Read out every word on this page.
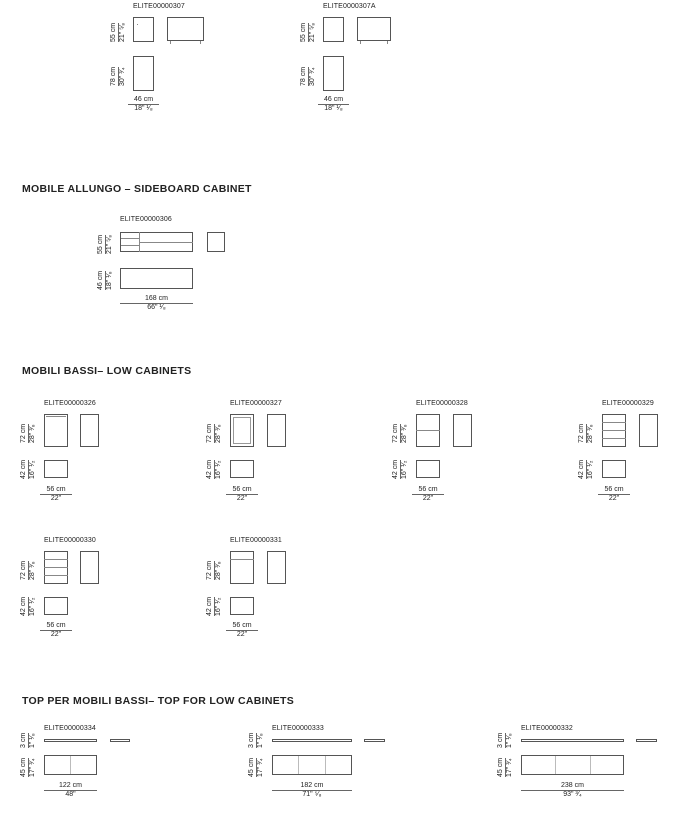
ELITE00000307
55 cm 21" ⁵⁄₈
78 cm 30" ³⁄₄
46 cm
18" ¹⁄₈
ELITE0000307A
55 cm 21" ⁵⁄₈
78 cm 30" ³⁄₄
46 cm
18" ¹⁄₈
MOBILE ALLUNGO – SIDEBOARD CABINET
ELITE00000306
55 cm 21" ⁵⁄₈
46 cm 18" ¹⁄₈
168 cm
66" ¹⁄₈
MOBILI BASSI– LOW CABINETS
ELITE00000326
72 cm 28" ³⁄₈
42 cm 16" ¹⁄₂
56 cm
22"
ELITE00000327
72 cm 28" ³⁄₈
42 cm 16" ¹⁄₂
56 cm
22"
ELITE00000328
72 cm 28" ³⁄₈
42 cm 16" ¹⁄₂
56 cm
22"
ELITE00000329
72 cm 28" ³⁄₈
42 cm 16" ¹⁄₂
56 cm
22"
ELITE00000330
72 cm 28" ³⁄₈
42 cm 16" ¹⁄₂
56 cm
22"
ELITE00000331
72 cm 28" ³⁄₈
42 cm 16" ¹⁄₂
56 cm
22"
TOP PER MOBILI BASSI– TOP FOR LOW CABINETS
ELITE00000334
3 cm 1" ¹⁄₈
45 cm 17" ³⁄₄
122 cm
48"
ELITE00000333
3 cm 1" ¹⁄₈
45 cm 17" ³⁄₄
182 cm
71" ⁵⁄₈
ELITE00000332
3 cm 1" ¹⁄₈
45 cm 17" ³⁄₄
238 cm
93" ³⁄₄
